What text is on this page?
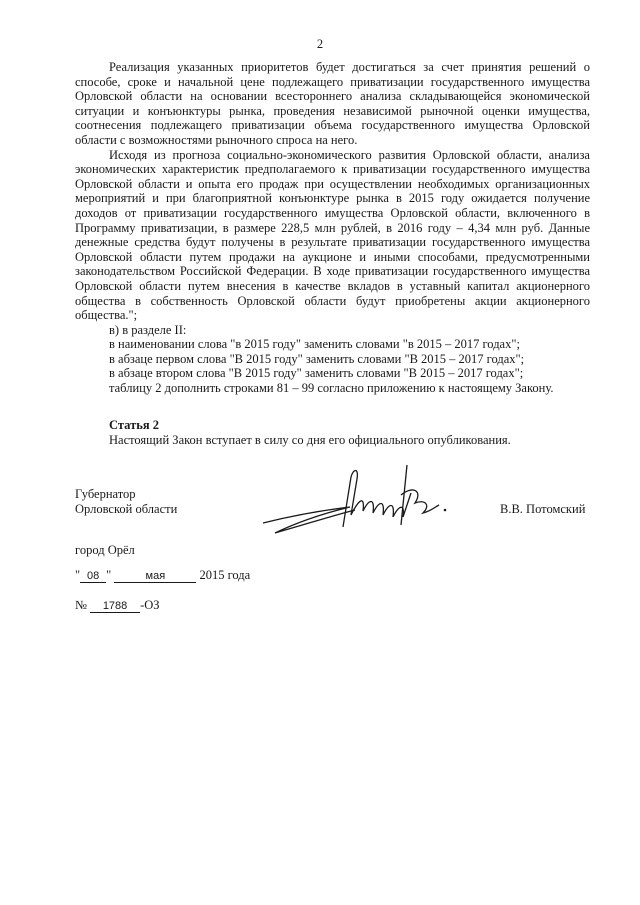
2

Реализация указанных приоритетов будет достигаться за счет принятия решений о способе, сроке и начальной цене подлежащего приватизации государственного имущества Орловской области на основании всестороннего анализа складывающейся экономической ситуации и конъюнктуры рынка, проведения независимой рыночной оценки имущества, соотнесения подлежащего приватизации объема государственного имущества Орловской области с возможностями рыночного спроса на него.

Исходя из прогноза социально-экономического развития Орловской области, анализа экономических характеристик предполагаемого к приватизации государственного имущества Орловской области и опыта его продаж при осуществлении необходимых организационных мероприятий и при благоприятной конъюнктуре рынка в 2015 году ожидается получение доходов от приватизации государственного имущества Орловской области, включенного в Программу приватизации, в размере 228,5 млн рублей, в 2016 году – 4,34 млн руб. Данные денежные средства будут получены в результате приватизации государственного имущества Орловской области путем продажи на аукционе и иными способами, предусмотренными законодательством Российской Федерации. В ходе приватизации государственного имущества Орловской области путем внесения в качестве вкладов в уставный капитал акционерного общества в собственность Орловской области будут приобретены акции акционерного общества.";

в) в разделе II:

в наименовании слова "в 2015 году" заменить словами "в 2015 – 2017 годах";

в абзаце первом слова "В 2015 году" заменить словами "В 2015 – 2017 годах";

в абзаце втором слова "В 2015 году" заменить словами "В 2015 – 2017 годах";

таблицу 2 дополнить строками 81 – 99 согласно приложению к настоящему Закону.

Статья 2
Настоящий Закон вступает в силу со дня его официального опубликования.
Губернатор
Орловской области	В.В. Потомский
город Орёл
" 08 "	мая	2015 года
№ 1788 -ОЗ
